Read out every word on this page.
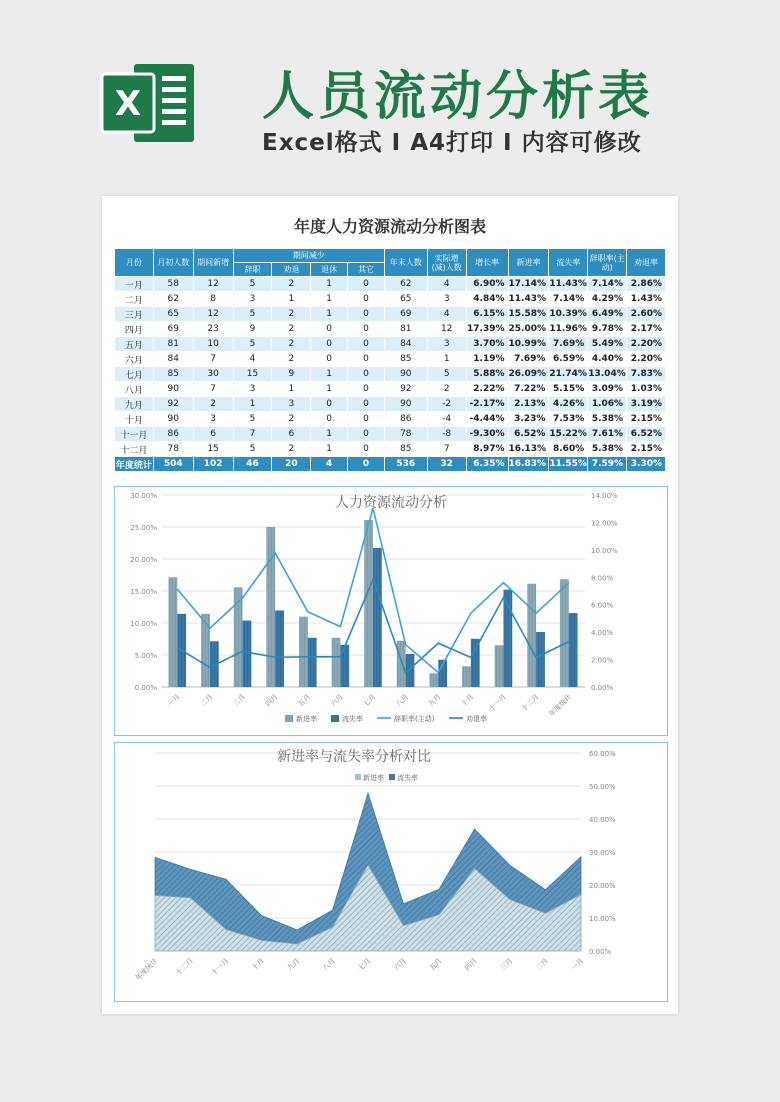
X 人员流动分析表
Excel格式 Ⅰ A4打印 Ⅰ 内容可修改
年度人力资源流动分析图表
月份	月初人数	期间新增	期间减少				年末人数	实际增(减)人数	增长率	新进率	流失率	辞职率(主动)	劝退率
			辞职	劝退	退休	其它							
一月	58	12	5	2	1	0	62	4	6.90%	17.14%	11.43%	7.14%	2.86%
二月	62	8	3	1	1	0	65	3	4.84%	11.43%	7.14%	4.29%	1.43%
三月	65	12	5	2	1	0	69	4	6.15%	15.58%	10.39%	6.49%	2.60%
四月	69	23	9	2	0	0	81	12	17.39%	25.00%	11.96%	9.78%	2.17%
五月	81	10	5	2	0	0	84	3	3.70%	10.99%	7.69%	5.49%	2.20%
六月	84	7	4	2	0	0	85	1	1.19%	7.69%	6.59%	4.40%	2.20%
七月	85	30	15	9	1	0	90	5	5.88%	26.09%	21.74%	13.04%	7.83%
八月	90	7	3	1	1	0	92	2	2.22%	7.22%	5.15%	3.09%	1.03%
九月	92	2	1	3	0	0	90	-2	-2.17%	2.13%	4.26%	1.06%	3.19%
十月	90	3	5	2	0	0	86	-4	-4.44%	3.23%	7.53%	5.38%	2.15%
十一月	86	6	7	6	1	0	78	-8	-9.30%	6.52%	15.22%	7.61%	6.52%
十二月	78	15	5	2	1	0	85	7	8.97%	16.13%	8.60%	5.38%	2.15%
年度统计	504	102	46	20	4	0	536	32	6.35%	16.83%	11.55%	7.59%	3.30%
0.00%
5.00%
10.00%
15.00%
20.00%
25.00%
30.00%
0.00%
2.00%
4.00%
6.00%
8.00%
10.00%
12.00%
14.00%
一月 二月 三月 四月 五月 六月 七月 八月 九月 十月 十一月 十二月 年度统计
人力资源流动分析
新进率	流失率	辞职率(主动)	劝退率
0.00%
10.00%
20.00%
30.00%
40.00%
50.00%
60.00%
年度统计 十二月 十一月	十月	九月	八月	七月	六月	五月	四月	三月	二月	一月
新进率与流失率分析对比
新进率 流失率
